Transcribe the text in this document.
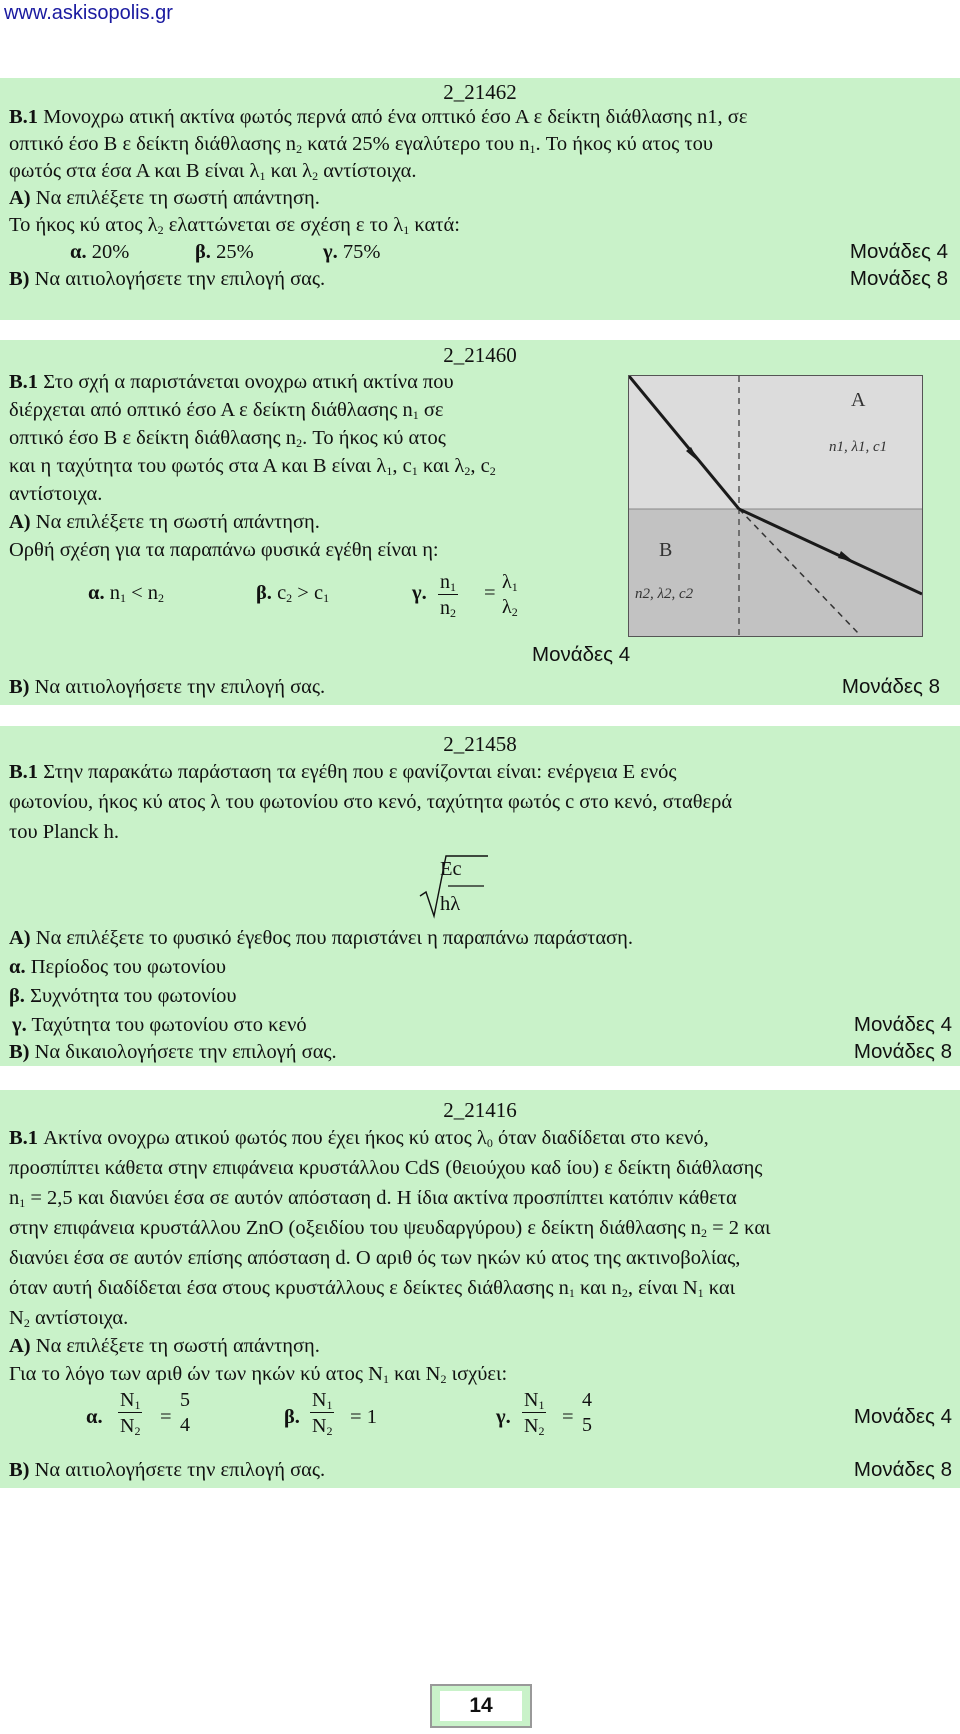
www.askisopolis.gr
2_21462
B.1 Μονοχρω ατική ακτίνα φωτός περνά από ένα οπτικό έσο Α ε δείκτη διάθλασης n1, σε
οπτικό έσο Β ε δείκτη διάθλασης $n_2$ κατά 25% εγαλύτερο του $n_1$. Το ήκος κύ ατος του
φωτός στα έσα Α και Β είναι $\lambda_1$ και $\lambda_2$ αντίστοιχα.
Α) Να επιλέξετε τη σωστή απάντηση.
Το ήκος κύ ατος $\lambda_2$ ελαττώνεται σε σχέση ε το $\lambda_1$ κατά:
α. 20%	β. 25%	γ. 75%	Μονάδες 4
Β) Να αιτιολογήσετε την επιλογή σας.	Μονάδες 8
2_21460
B.1 Στο σχή α παριστάνεται ονοχρω ατική ακτίνα που
διέρχεται από οπτικό έσο Α ε δείκτη διάθλασης $n_1$ σε
οπτικό έσο Β ε δείκτη διάθλασης $n_2$. Το ήκος κύ ατος
και η ταχύτητα του φωτός στα Α και Β είναι $\lambda_1$, $c_1$ και $\lambda_2$, $c_2$
αντίστοιχα.
Α) Να επιλέξετε τη σωστή απάντηση.
Ορθή σχέση για τα παραπάνω φυσικά εγέθη είναι η:
α. $n_1 < n_2$	β. $c_2 > c_1$	γ. $\frac{n_1}{n_2} = \lambda_1$
$\lambda_2$
Μονάδες 4
Β) Να αιτιολογήσετε την επιλογή σας.	Μονάδες 8
A
n1, λ1, c1
B
n2, λ2, c2
2_21458
B.1 Στην παρακάτω παράσταση τα εγέθη που ε φανίζονται είναι: ενέργεια Ε ενός
φωτονίου, ήκος κύ ατος λ του φωτονίου στο κενό, ταχύτητα φωτός c στο κενό, σταθερά
του Planck h.
Ec
hλ
Α) Να επιλέξετε το φυσικό έγεθος που παριστάνει η παραπάνω παράσταση.
α. Περίοδος του φωτονίου
β. Συχνότητα του φωτονίου
γ. Ταχύτητα του φωτονίου στο κενό	Μονάδες 4
Β) Να δικαιολογήσετε την επιλογή σας.	Μονάδες 8
2_21416
B.1 Ακτίνα ονοχρω ατικού φωτός που έχει ήκος κύ ατος $\lambda_0$ όταν διαδίδεται στο κενό,
προσπίπτει κάθετα στην επιφάνεια κρυστάλλου CdS (θειούχου καδ ίου) ε δείκτη διάθλασης
$n_1 = 2,5$ και διανύει έσα σε αυτόν απόσταση d. Η ίδια ακτίνα προσπίπτει κατόπιν κάθετα
στην επιφάνεια κρυστάλλου ZnO (οξειδίου του ψευδαργύρου) ε δείκτη διάθλασης $n_2 = 2$ και
διανύει έσα σε αυτόν επίσης απόσταση d. Ο αριθ ός των ηκών κύ ατος της ακτινοβολίας,
όταν αυτή διαδίδεται έσα στους κρυστάλλους ε δείκτες διάθλασης $n_1$ και $n_2$, είναι $N_1$ και
$N_2$ αντίστοιχα.
Α) Να επιλέξετε τη σωστή απάντηση.
Για το λόγο των αριθ ών των ηκών κύ ατος $N_1$ και $N_2$ ισχύει:
α. $\frac{N_1}{N_2}$ =
5
4	β. $\frac{N_1}{N_2} = 1$	γ. $\frac{N_1}{N_2}$ =
4
5	Μονάδες 4
Β) Να αιτιολογήσετε την επιλογή σας.	Μονάδες 8
14
